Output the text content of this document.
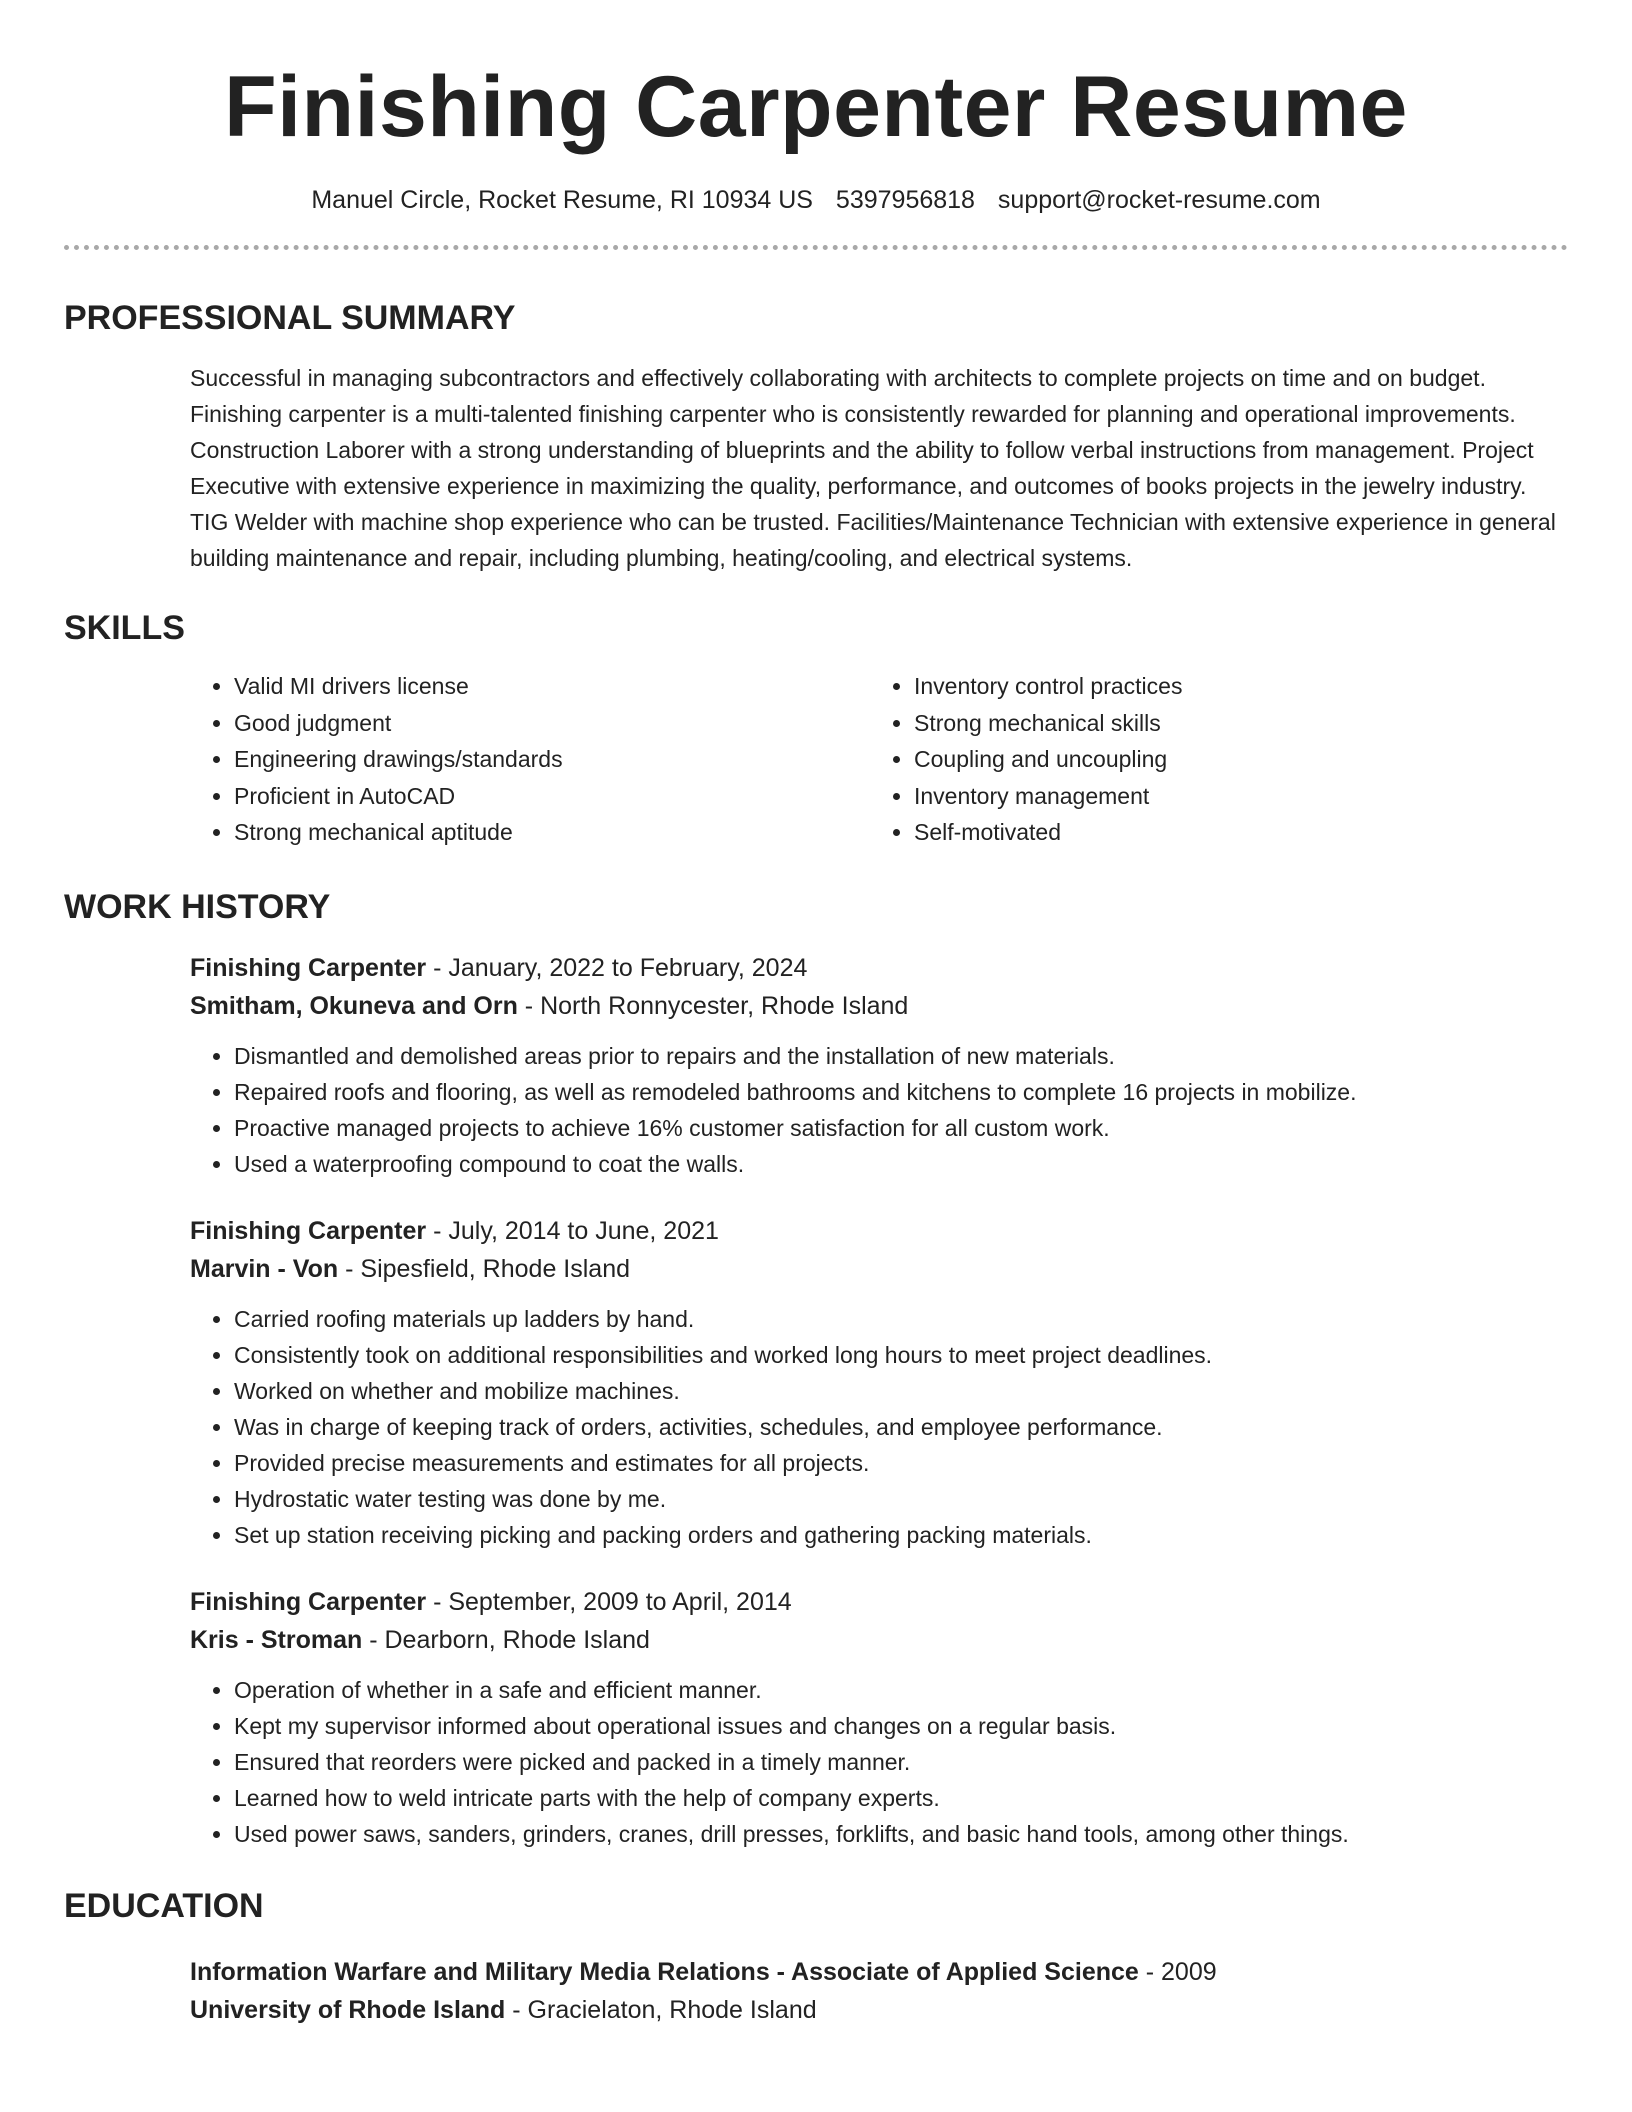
Finishing Carpenter Resume
Manuel Circle, Rocket Resume, RI 10934 US 5397956818 support@rocket-resume.com
PROFESSIONAL SUMMARY
Successful in managing subcontractors and effectively collaborating with architects to complete projects on time and on budget. Finishing carpenter is a multi-talented finishing carpenter who is consistently rewarded for planning and operational improvements. Construction Laborer with a strong understanding of blueprints and the ability to follow verbal instructions from management. Project Executive with extensive experience in maximizing the quality, performance, and outcomes of books projects in the jewelry industry. TIG Welder with machine shop experience who can be trusted. Facilities/Maintenance Technician with extensive experience in general building maintenance and repair, including plumbing, heating/cooling, and electrical systems.
SKILLS
• Valid MI drivers license
• Good judgment
• Engineering drawings/standards
• Proficient in AutoCAD
• Strong mechanical aptitude
• Inventory control practices
• Strong mechanical skills
• Coupling and uncoupling
• Inventory management
• Self-motivated
WORK HISTORY
Finishing Carpenter - January, 2022 to February, 2024
Smitham, Okuneva and Orn - North Ronnycester, Rhode Island
• Dismantled and demolished areas prior to repairs and the installation of new materials.
• Repaired roofs and flooring, as well as remodeled bathrooms and kitchens to complete 16 projects in mobilize.
• Proactive managed projects to achieve 16% customer satisfaction for all custom work.
• Used a waterproofing compound to coat the walls.
Finishing Carpenter - July, 2014 to June, 2021
Marvin - Von - Sipesfield, Rhode Island
• Carried roofing materials up ladders by hand.
• Consistently took on additional responsibilities and worked long hours to meet project deadlines.
• Worked on whether and mobilize machines.
• Was in charge of keeping track of orders, activities, schedules, and employee performance.
• Provided precise measurements and estimates for all projects.
• Hydrostatic water testing was done by me.
• Set up station receiving picking and packing orders and gathering packing materials.
Finishing Carpenter - September, 2009 to April, 2014
Kris - Stroman - Dearborn, Rhode Island
• Operation of whether in a safe and efficient manner.
• Kept my supervisor informed about operational issues and changes on a regular basis.
• Ensured that reorders were picked and packed in a timely manner.
• Learned how to weld intricate parts with the help of company experts.
• Used power saws, sanders, grinders, cranes, drill presses, forklifts, and basic hand tools, among other things.
EDUCATION
Information Warfare and Military Media Relations - Associate of Applied Science - 2009
University of Rhode Island - Gracielaton, Rhode Island
